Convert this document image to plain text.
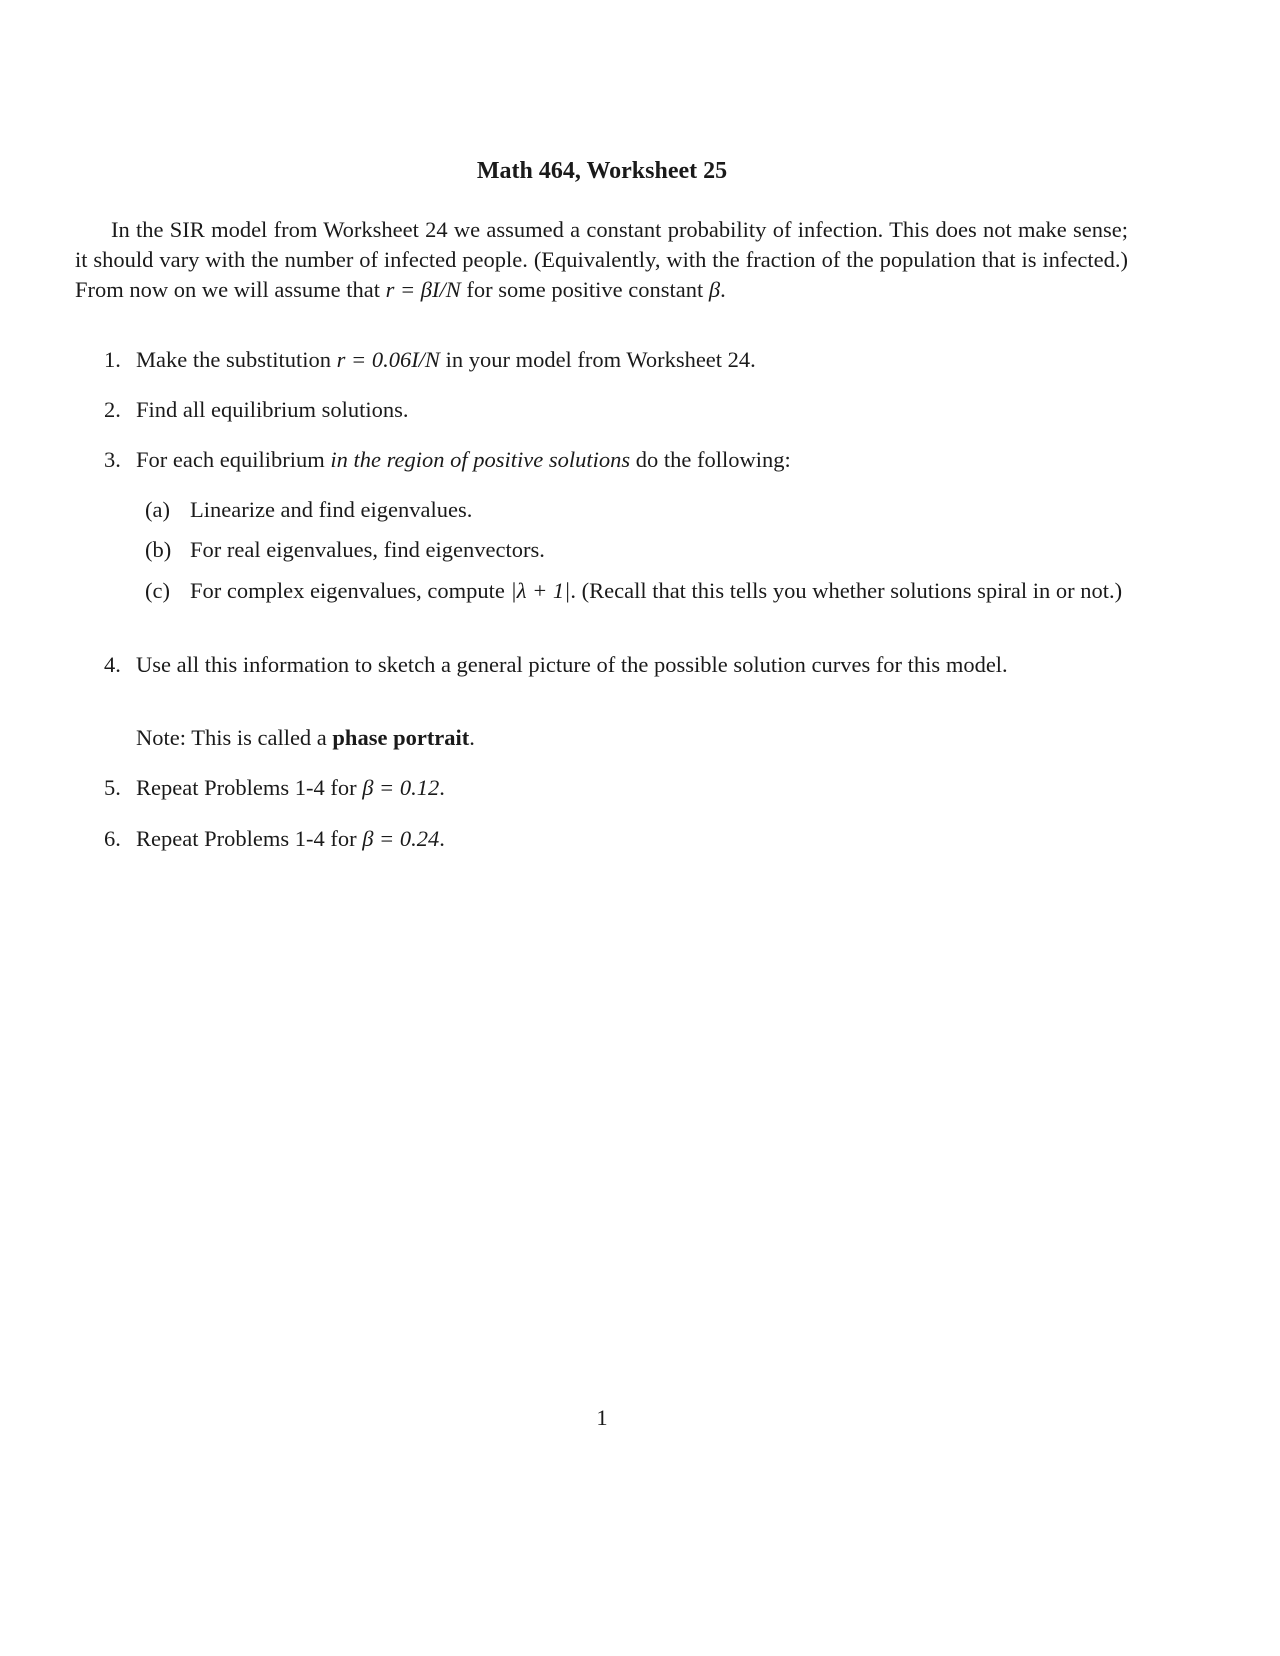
Math 464, Worksheet 25

In the SIR model from Worksheet 24 we assumed a constant probability of infection. This does not make sense; it should vary with the number of infected people. (Equivalently, with the fraction of the population that is infected.) From now on we will assume that r = βI/N for some positive constant β.

1. Make the substitution r = 0.06I/N in your model from Worksheet 24.
2. Find all equilibrium solutions.
3. For each equilibrium in the region of positive solutions do the following:
(a) Linearize and find eigenvalues.
(b) For real eigenvalues, find eigenvectors.
(c) For complex eigenvalues, compute |λ + 1|. (Recall that this tells you whether solutions spiral in or not.)
4. Use all this information to sketch a general picture of the possible solution curves for this model.
Note: This is called a phase portrait.
5. Repeat Problems 1-4 for β = 0.12.
6. Repeat Problems 1-4 for β = 0.24.
1
